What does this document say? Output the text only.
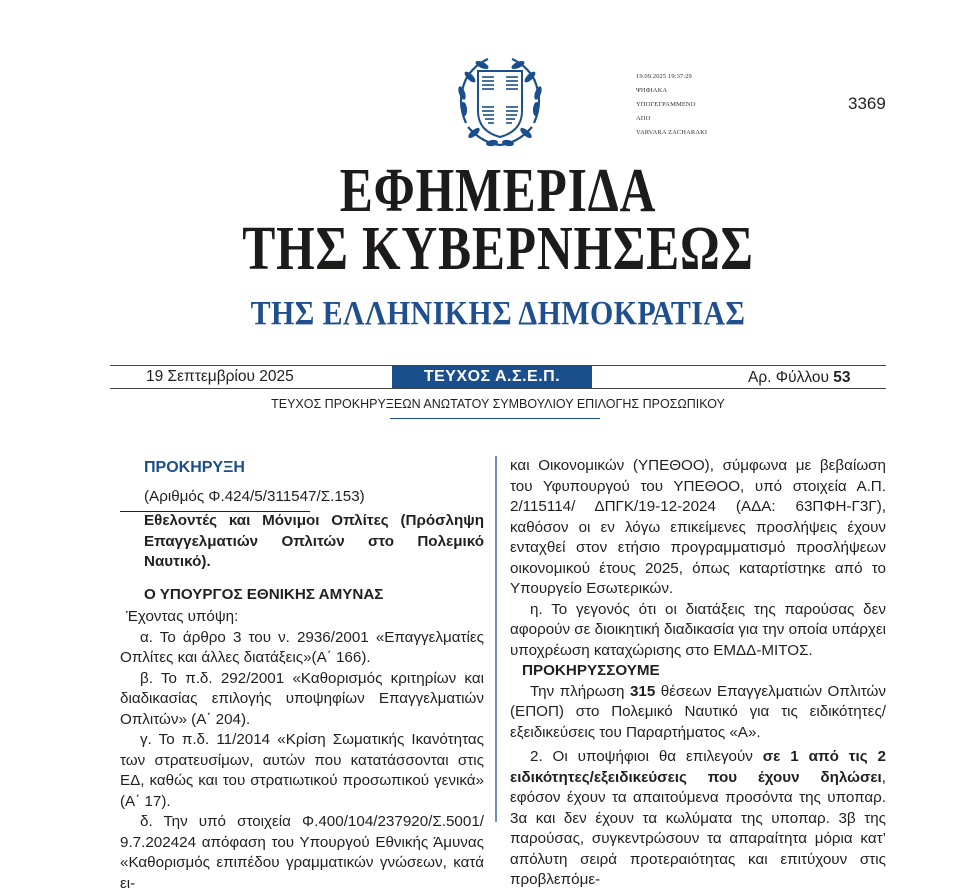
19.09.2025 19:37:29
ΨΗΦΙΑΚΑ
ΥΠΟΓΕΓΡΑΜΜΕΝΟ
ΑΠΟ
VARVARA ZACHARAKI
3369
ΕΦΗΜΕΡΙΔΑ
ΤΗΣ ΚΥΒΕΡΝΗΣΕΩΣ
ΤΗΣ ΕΛΛΗΝΙΚΗΣ ΔΗΜΟΚΡΑΤΙΑΣ
19 Σεπτεμβρίου 2025	ΤΕΥΧΟΣ Α.Σ.Ε.Π.	Αρ. Φύλλου 53
ΤΕΥΧΟΣ ΠΡΟΚΗΡΥΞΕΩΝ ΑΝΩΤΑΤΟΥ ΣΥΜΒΟΥΛΙΟΥ ΕΠΙΛΟΓΗΣ ΠΡΟΣΩΠΙΚΟΥ
ΠΡΟΚΗΡΥΞΗ
(Αριθμός Φ.424/5/311547/Σ.153)
Εθελοντές και Μόνιμοι Οπλίτες (Πρόσληψη Επαγγελματιών Οπλιτών στο Πολεμικό Ναυτικό).
Ο ΥΠΟΥΡΓΟΣ ΕΘΝΙΚΗΣ ΑΜΥΝΑΣ
Έχοντας υπόψη:
α. Το άρθρο 3 του ν. 2936/2001 «Επαγγελματίες Οπλίτες και άλλες διατάξεις»(Α΄ 166).
β. Το π.δ. 292/2001 «Καθορισμός κριτηρίων και διαδικασίας επιλογής υποψηφίων Επαγγελματιών Οπλιτών» (Α΄ 204).
γ. Το π.δ. 11/2014 «Κρίση Σωματικής Ικανότητας των στρατευσίμων, αυτών που κατατάσσονται στις ΕΔ, καθώς και του στρατιωτικού προσωπικού γενικά» (Α΄ 17).
δ. Την υπό στοιχεία Φ.400/104/237920/Σ.5001/ 9.7.202424 απόφαση του Υπουργού Εθνικής Άμυνας «Καθορισμός επιπέδου γραμματικών γνώσεων, κατά ει-
και Οικονομικών (ΥΠΕΘΟΟ), σύμφωνα με βεβαίωση του Υφυπουργού του ΥΠΕΘΟΟ, υπό στοιχεία Α.Π. 2/115114/ ΔΠΓΚ/19-12-2024 (ΑΔΑ: 63ΠΦΗ-Γ3Γ), καθόσον οι εν λόγω επικείμενες προσλήψεις έχουν ενταχθεί στον ετήσιο προγραμματισμό προσλήψεων οικονομικού έτους 2025, όπως καταρτίστηκε από το Υπουργείο Εσωτερικών.
η. Το γεγονός ότι οι διατάξεις της παρούσας δεν αφορούν σε διοικητική διαδικασία για την οποία υπάρχει υποχρέωση καταχώρισης στο ΕΜΔΔ-ΜΙΤΟΣ.
ΠΡΟΚΗΡΥΣΣΟΥΜΕ
Την πλήρωση 315 θέσεων Επαγγελματιών Οπλιτών (ΕΠΟΠ) στο Πολεμικό Ναυτικό για τις ειδικότητες/εξειδικεύσεις του Παραρτήματος «Α».
2. Οι υποψήφιοι θα επιλεγούν σε 1 από τις 2 ειδικότητες/εξειδικεύσεις που έχουν δηλώσει, εφόσον έχουν τα απαιτούμενα προσόντα της υποπαρ. 3α και δεν έχουν τα κωλύματα της υποπαρ. 3β της παρούσας, συγκεντρώσουν τα απαραίτητα μόρια κατ’ απόλυτη σειρά προτεραιότητας και επιτύχουν στις προβλεπόμε-
